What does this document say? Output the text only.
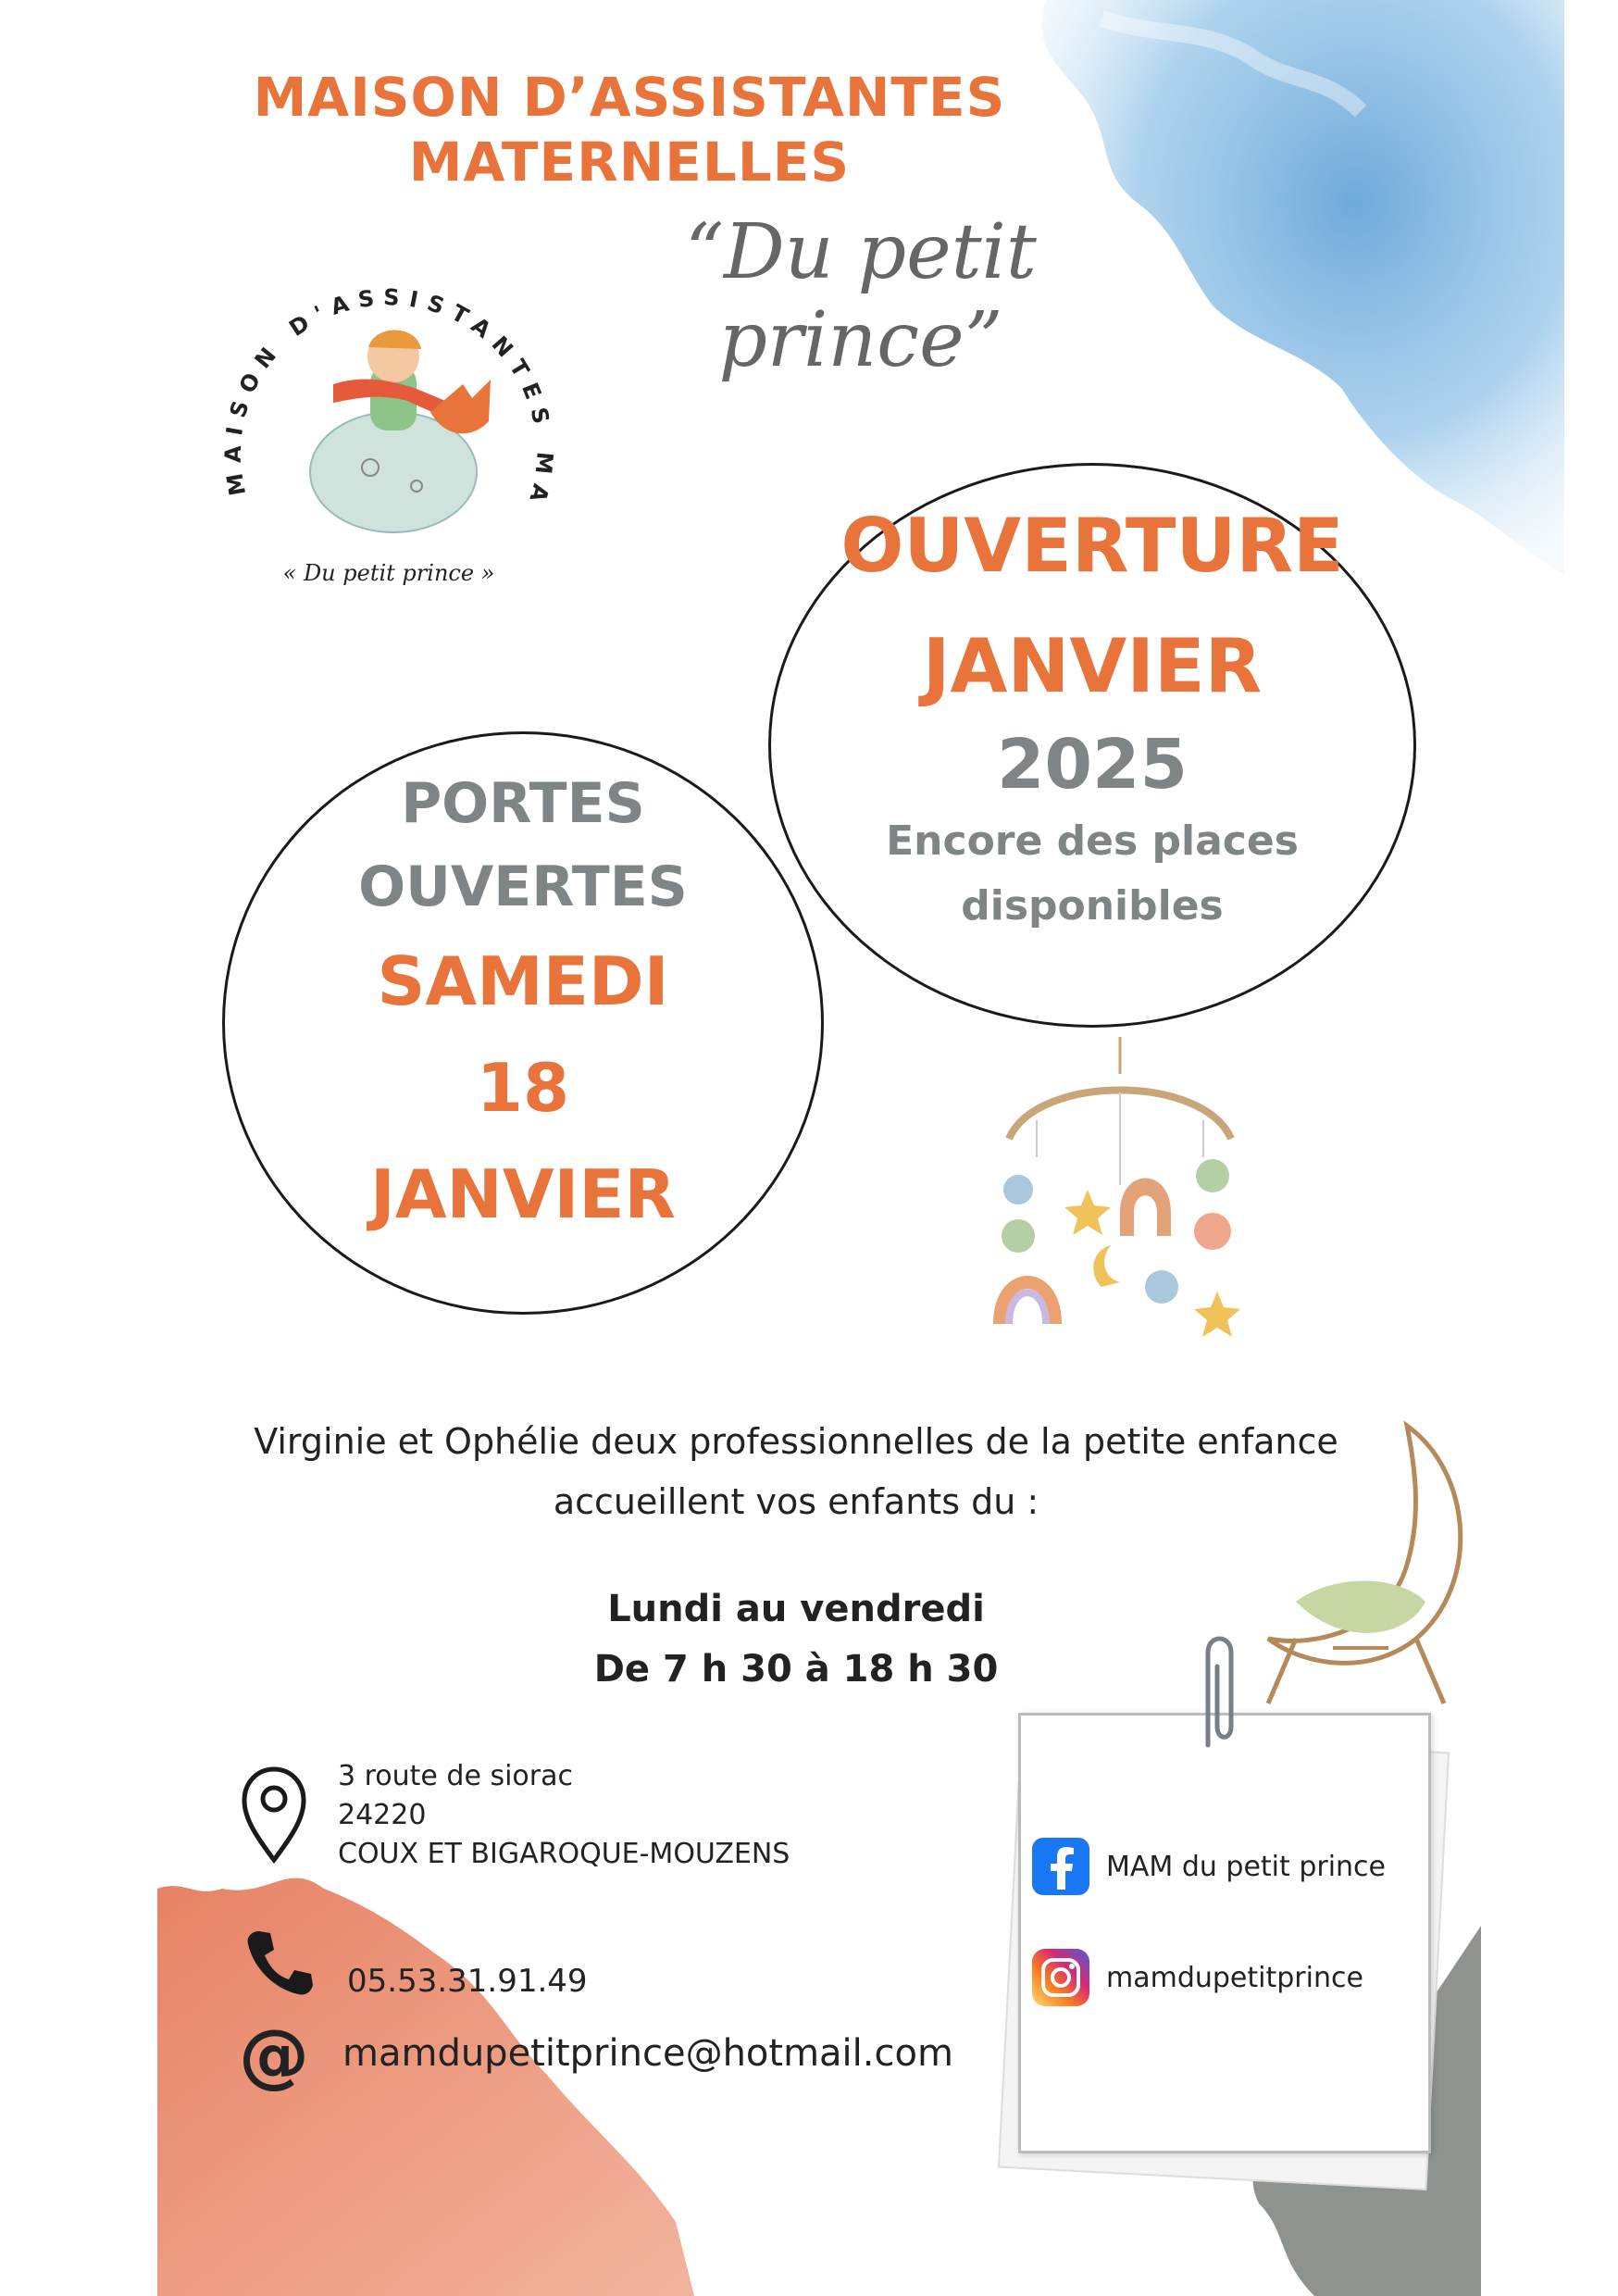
MAISON D’ASSISTANTES
MATERNELLES
“Du petit prince”
MAISON D'ASSISTANTES MA
« Du petit prince »	OUVERTURE
JANVIER
2025
Encore des places
disponibles
PORTES
OUVERTES
SAMEDI
18
JANVIER
Virginie et Ophélie deux professionnelles de la petite enfance
accueillent vos enfants du :
Lundi au vendredi
De 7 h 30 à 18 h 30
MAM du petit prince
mamdupetitprince
3 route de siorac
24220
COUX ET BIGAROQUE-MOUZENS
05.53.31.91.49
@ mamdupetitprince@hotmail.com
